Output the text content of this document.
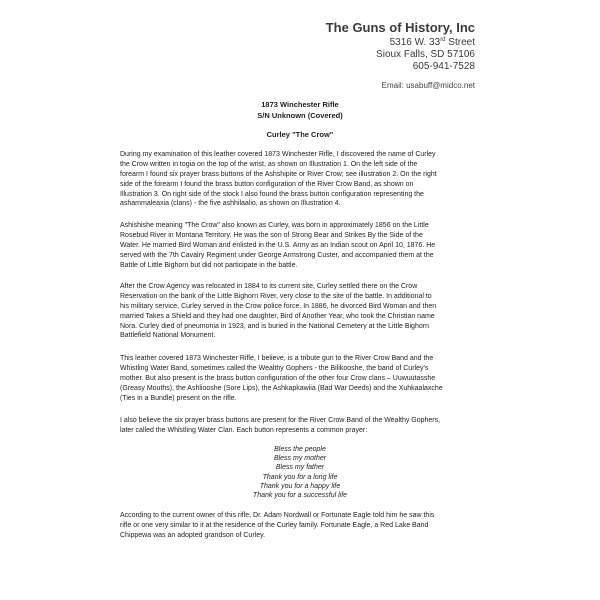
The Guns of History, Inc
5316 W. 33rd Street
Sioux Falls, SD 57106
605-941-7528
Email: usabuff@midco.net
1873 Winchester Rifle
S/N Unknown (Covered)
Curley "The Crow"
During my examination of this leather covered 1873 Winchester Rifle, I discovered the name of Curley
the Crow written in togia on the top of the wrist, as shown on Illustration 1. On the left side of the
forearm I found six prayer brass buttons of the Ashshipite or River Crow; see illustration 2. On the right
side of the forearm I found the brass button configuration of the River Crow Band, as shown on
Illustration 3. On right side of the stock I also found the brass button configuration representing the
ashammaleaxia (clans) - the five ashhilaalio, as shown on Illustration 4.
Ashishishe meaning "The Crow" also known as Curley, was born in approximately 1856 on the Little
Rosebud River in Montana Territory. He was the son of Strong Bear and Strikes By the Side of the
Water. He married Bird Woman and enlisted in the U.S. Army as an Indian scout on April 10, 1876. He
served with the 7th Cavalry Regiment under George Armstrong Custer, and accompanied them at the
Battle of Little Bighorn but did not participate in the battle.
After the Crow Agency was relocated in 1884 to its current site, Curley settled there on the Crow
Reservation on the bank of the Little Bighorn River, very close to the site of the battle. In additional to
his military service, Curley served in the Crow police force. In 1886, he divorced Bird Woman and then
married Takes a Shield and they had one daughter, Bird of Another Year, who took the Christian name
Nora. Curley died of pneumonia in 1923, and is buried in the National Cemetery at the Little Bighorn
Battlefield National Monument.
This leather covered 1873 Winchester Rifle, I believe, is a tribute gun to the River Crow Band and the
Whistling Water Band, sometimes called the Wealthy Gophers - the Bilikooshe, the band of Curley's
mother. But also present is the brass button configuration of the other four Crow clans – Uuwuutasshe
(Greasy Mouths), the Ashliooshe (Sore Lips), the Ashkapkawiia (Bad War Deeds) and the Xuhkaalaxche
(Ties in a Bundle) present on the rifle.
I also believe the six prayer brass buttons are present for the River Crow Band of the Wealthy Gophers,
later called the Whistling Water Clan. Each button represents a common prayer:
Bless the people
Bless my mother
Bless my father
Thank you for a long life
Thank you for a happy life
Thank you for a successful life
According to the current owner of this rifle, Dr. Adam Nordwall or Fortunate Eagle told him he saw this
rifle or one very similar to it at the residence of the Curley family. Fortunate Eagle, a Red Lake Band
Chippewa was an adopted grandson of Curley.
